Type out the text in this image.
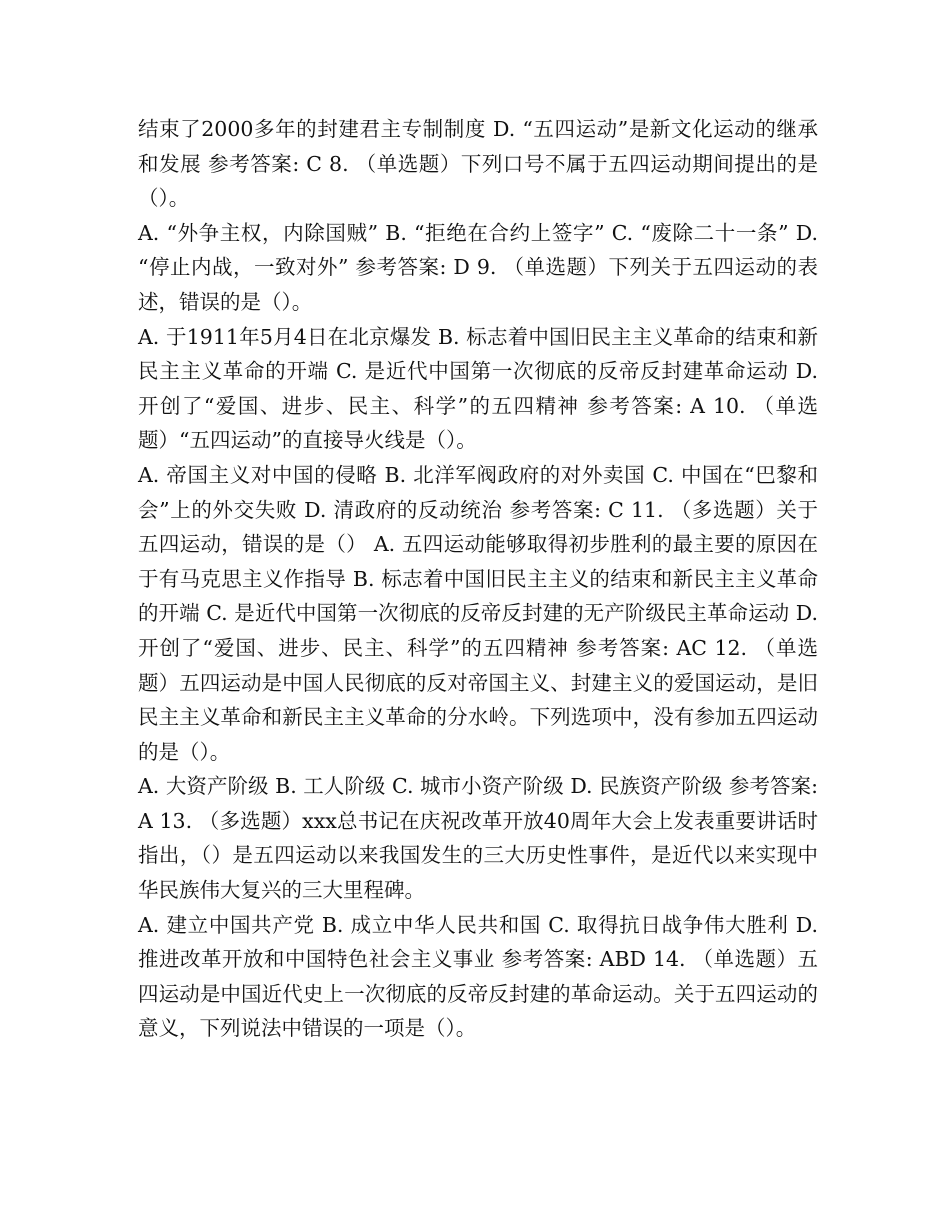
结束了2000多年的封建君主专制制度 D. “五四运动”是新文化运动的继承和发展 参考答案: C 8. （单选题）下列口号不属于五四运动期间提出的是（）。

A. “外争主权，内除国贼” B. “拒绝在合约上签字” C. “废除二十一条” D. “停止内战，一致对外” 参考答案: D 9. （单选题）下列关于五四运动的表述，错误的是（）。

A. 于1911年5月4日在北京爆发 B. 标志着中国旧民主主义革命的结束和新民主主义革命的开端 C. 是近代中国第一次彻底的反帝反封建革命运动 D. 开创了“爱国、进步、民主、科学”的五四精神 参考答案: A 10. （单选题）“五四运动”的直接导火线是（）。

A. 帝国主义对中国的侵略 B. 北洋军阀政府的对外卖国 C. 中国在“巴黎和会”上的外交失败 D. 清政府的反动统治 参考答案: C 11. （多选题）关于五四运动，错误的是（） A. 五四运动能够取得初步胜利的最主要的原因在于有马克思主义作指导 B. 标志着中国旧民主主义的结束和新民主主义革命的开端 C. 是近代中国第一次彻底的反帝反封建的无产阶级民主革命运动 D. 开创了“爱国、进步、民主、科学”的五四精神 参考答案: AC 12. （单选题）五四运动是中国人民彻底的反对帝国主义、封建主义的爱国运动，是旧民主主义革命和新民主主义革命的分水岭。下列选项中，没有参加五四运动的是（）。

A. 大资产阶级 B. 工人阶级 C. 城市小资产阶级 D. 民族资产阶级 参考答案: A 13. （多选题）xxx总书记在庆祝改革开放40周年大会上发表重要讲话时指出，（）是五四运动以来我国发生的三大历史性事件，是近代以来实现中华民族伟大复兴的三大里程碑。

A. 建立中国共产党 B. 成立中华人民共和国 C. 取得抗日战争伟大胜利 D. 推进改革开放和中国特色社会主义事业 参考答案: ABD 14. （单选题）五四运动是中国近代史上一次彻底的反帝反封建的革命运动。关于五四运动的意义，下列说法中错误的一项是（）。
